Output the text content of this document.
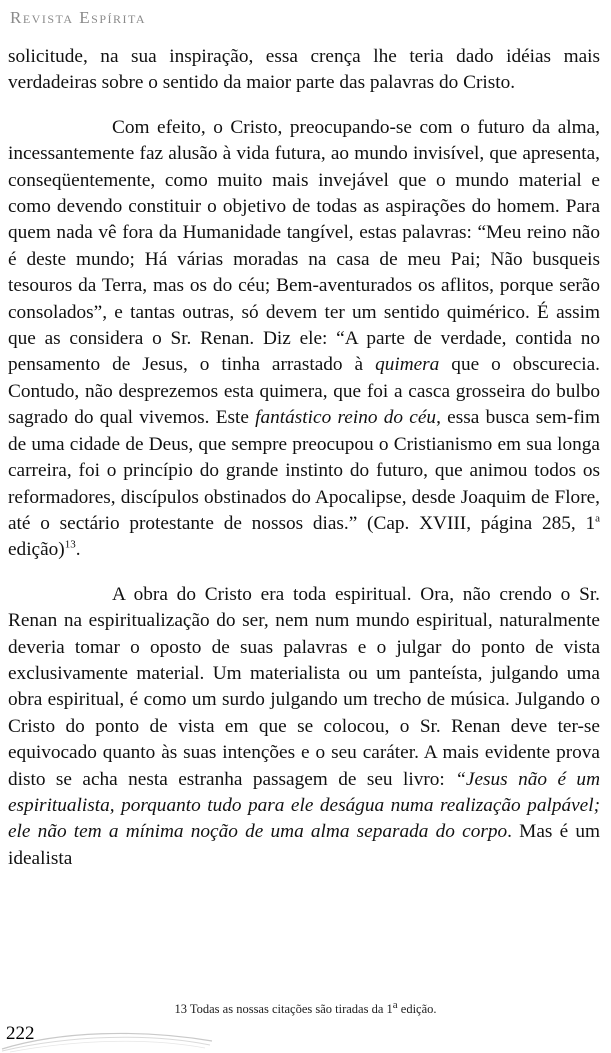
Revista Espírita

solicitude, na sua inspiração, essa crença lhe teria dado idéias mais verdadeiras sobre o sentido da maior parte das palavras do Cristo.

Com efeito, o Cristo, preocupando-se com o futuro da alma, incessantemente faz alusão à vida futura, ao mundo invisível, que apresenta, conseqüentemente, como muito mais invejável que o mundo material e como devendo constituir o objetivo de todas as aspirações do homem. Para quem nada vê fora da Humanidade tangível, estas palavras: “Meu reino não é deste mundo; Há várias moradas na casa de meu Pai; Não busqueis tesouros da Terra, mas os do céu; Bem-aventurados os aflitos, porque serão consolados”, e tantas outras, só devem ter um sentido quimérico. É assim que as considera o Sr. Renan. Diz ele: “A parte de verdade, contida no pensamento de Jesus, o tinha arrastado à quimera que o obscurecia. Contudo, não desprezemos esta quimera, que foi a casca grosseira do bulbo sagrado do qual vivemos. Este fantástico reino do céu, essa busca sem-fim de uma cidade de Deus, que sempre preocupou o Cristianismo em sua longa carreira, foi o princípio do grande instinto do futuro, que animou todos os reformadores, discípulos obstinados do Apocalipse, desde Joaquim de Flore, até o sectário protestante de nossos dias.” (Cap. XVIII, página 285, 1$^a$ edição)$^{13}$.

A obra do Cristo era toda espiritual. Ora, não crendo o Sr. Renan na espiritualização do ser, nem num mundo espiritual, naturalmente deveria tomar o oposto de suas palavras e o julgar do ponto de vista exclusivamente material. Um materialista ou um panteísta, julgando uma obra espiritual, é como um surdo julgando um trecho de música. Julgando o Cristo do ponto de vista em que se colocou, o Sr. Renan deve ter-se equivocado quanto às suas intenções e o seu caráter. A mais evidente prova disto se acha nesta estranha passagem de seu livro: “Jesus não é um espiritualista, porquanto tudo para ele deságua numa realização palpável; ele não tem a mínima noção de uma alma separada do corpo. Mas é um idealista

13 Todas as nossas citações são tiradas da 1$^a$ edição.
222
